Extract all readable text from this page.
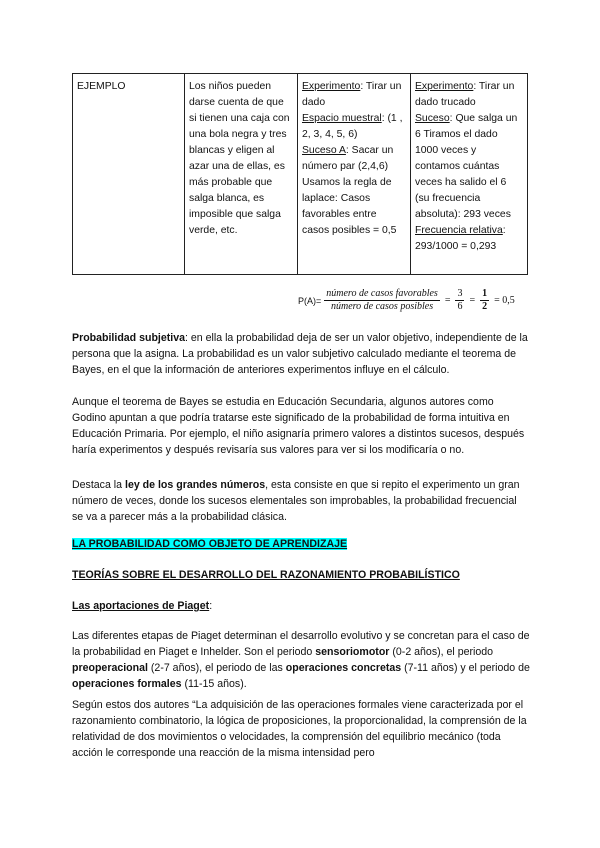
EJEMPLO	Los niños pueden darse cuenta de que si tienen una caja con una bola negra y tres blancas y eligen al azar una de ellas, es más probable que salga blanca, es imposible que salga verde, etc.	Experimento: Tirar un dado
Espacio muestral: (1 , 2, 3, 4, 5, 6)
Suceso A: Sacar un número par (2,4,6) Usamos la regla de laplace: Casos favorables entre casos posibles = 0,5	Experimento: Tirar un dado trucado
Suceso: Que salga un 6 Tiramos el dado 1000 veces y contamos cuántas veces ha salido el 6 (su frecuencia absoluta): 293 veces
Frecuencia relativa: 293/1000 = 0,293
$P(A)= \frac{\text{número de casos favorables}}{\text{número de casos posibles}} = \frac{3}{6} = \frac{1}{2} = 0,5$

Probabilidad subjetiva: en ella la probabilidad deja de ser un valor objetivo, independiente de la persona que la asigna. La probabilidad es un valor subjetivo calculado mediante el teorema de Bayes, en el que la información de anteriores experimentos influye en el cálculo.

Aunque el teorema de Bayes se estudia en Educación Secundaria, algunos autores como Godino apuntan a que podría tratarse este significado de la probabilidad de forma intuitiva en Educación Primaria. Por ejemplo, el niño asignaría primero valores a distintos sucesos, después haría experimentos y después revisaría sus valores para ver si los modificaría o no.

Destaca la ley de los grandes números, esta consiste en que si repito el experimento un gran número de veces, donde los sucesos elementales son improbables, la probabilidad frecuencial se va a parecer más a la probabilidad clásica.

LA PROBABILIDAD COMO OBJETO DE APRENDIZAJE

TEORÍAS SOBRE EL DESARROLLO DEL RAZONAMIENTO PROBABILÍSTICO

Las aportaciones de Piaget:

Las diferentes etapas de Piaget determinan el desarrollo evolutivo y se concretan para el caso de la probabilidad en Piaget e Inhelder. Son el periodo sensoriomotor (0-2 años), el periodo preoperacional (2-7 años), el periodo de las operaciones concretas (7-11 años) y el periodo de operaciones formales (11-15 años).

Según estos dos autores “La adquisición de las operaciones formales viene caracterizada por el razonamiento combinatorio, la lógica de proposiciones, la proporcionalidad, la comprensión de la relatividad de dos movimientos o velocidades, la comprensión del equilibrio mecánico (toda acción le corresponde una reacción de la misma intensidad pero
